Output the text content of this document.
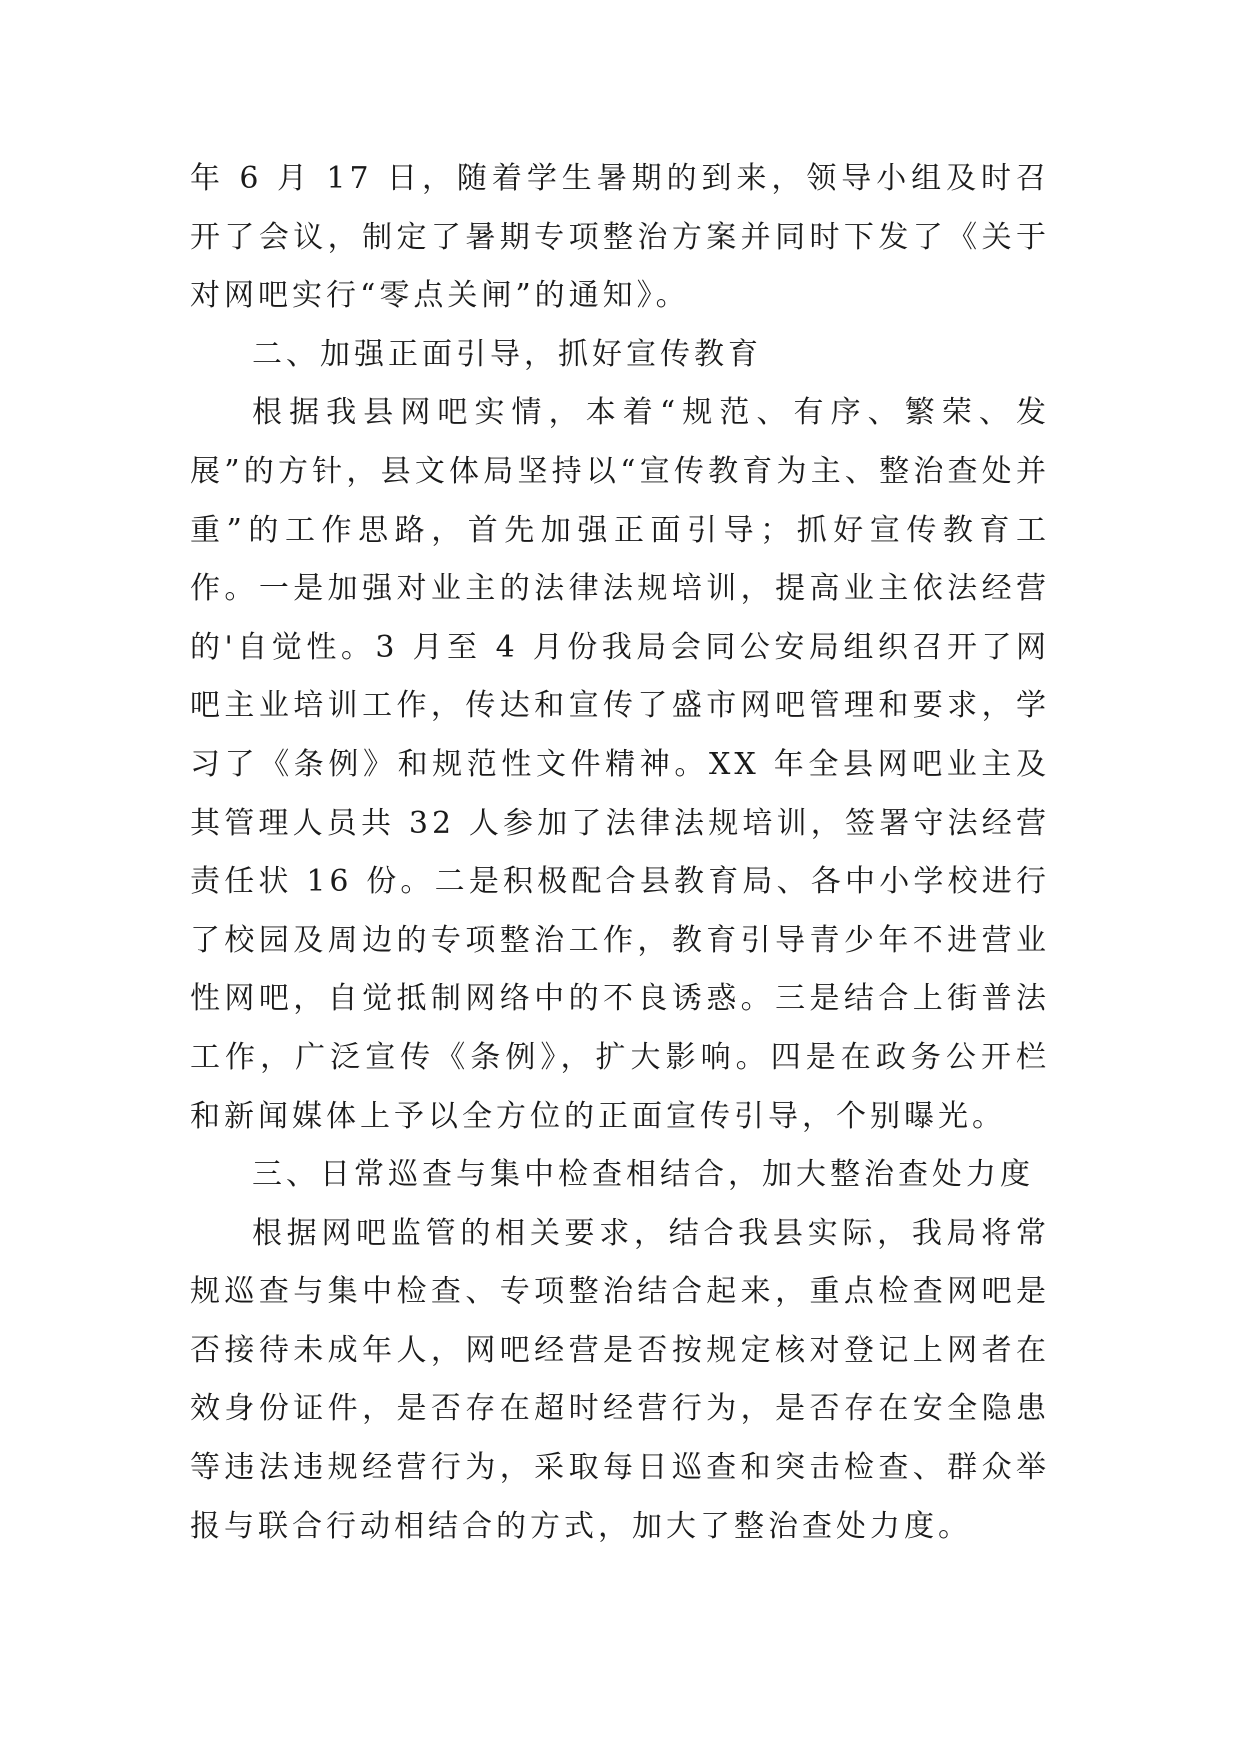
年 6 月 17 日，随着学生暑期的到来，领导小组及时召开了会议，制定了暑期专项整治方案并同时下发了《关于对网吧实行“零点关闸”的通知》。

二、加强正面引导，抓好宣传教育

根据我县网吧实情，本着“规范、有序、繁荣、发展”的方针，县文体局坚持以“宣传教育为主、整治查处并重”的工作思路，首先加强正面引导；抓好宣传教育工作。一是加强对业主的法律法规培训，提高业主依法经营的'自觉性。3 月至 4 月份我局会同公安局组织召开了网吧主业培训工作，传达和宣传了盛市网吧管理和要求，学习了《条例》和规范性文件精神。XX 年全县网吧业主及其管理人员共 32 人参加了法律法规培训，签署守法经营责任状 16 份。二是积极配合县教育局、各中小学校进行了校园及周边的专项整治工作，教育引导青少年不进营业性网吧，自觉抵制网络中的不良诱惑。三是结合上街普法工作，广泛宣传《条例》，扩大影响。四是在政务公开栏和新闻媒体上予以全方位的正面宣传引导，个别曝光。

三、日常巡查与集中检查相结合，加大整治查处力度

根据网吧监管的相关要求，结合我县实际，我局将常规巡查与集中检查、专项整治结合起来，重点检查网吧是否接待未成年人，网吧经营是否按规定核对登记上网者在效身份证件，是否存在超时经营行为，是否存在安全隐患等违法违规经营行为，采取每日巡查和突击检查、群众举报与联合行动相结合的方式，加大了整治查处力度。
